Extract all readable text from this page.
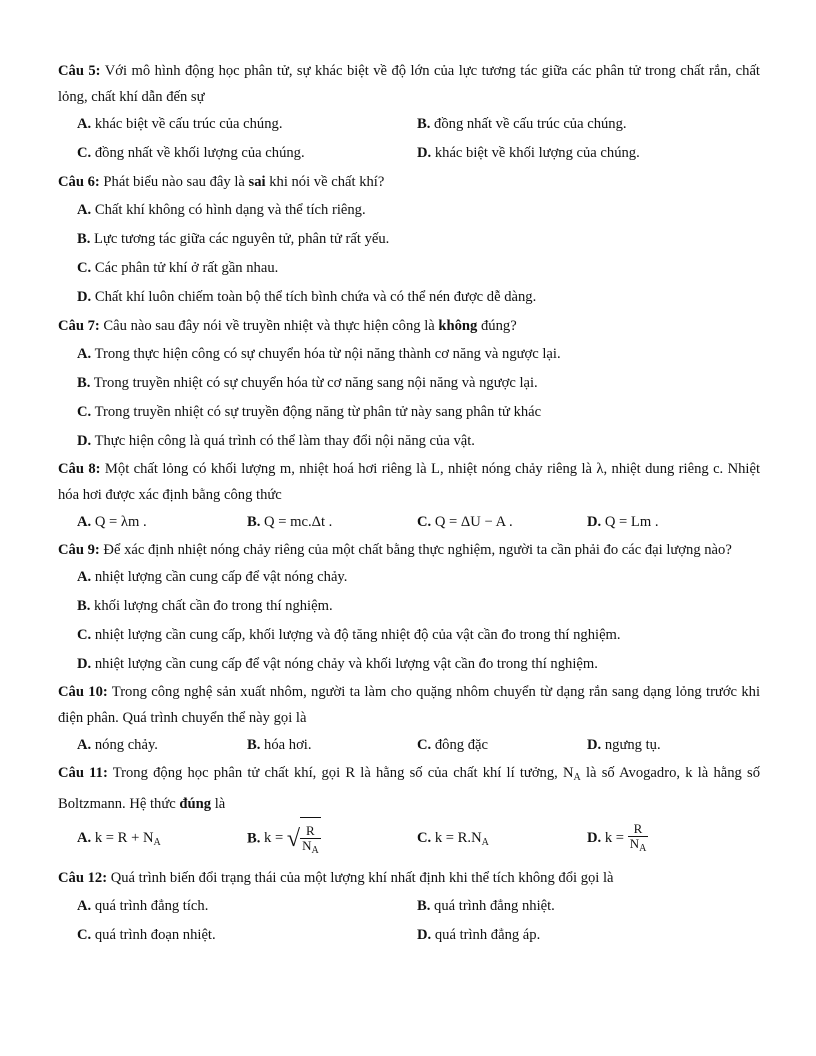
Câu 5: Với mô hình động học phân tử, sự khác biệt về độ lớn của lực tương tác giữa các phân tử trong chất rắn, chất lỏng, chất khí dẫn đến sự

A. khác biệt về cấu trúc của chúng.	B. đồng nhất về cấu trúc của chúng.
C. đồng nhất về khối lượng của chúng.	D. khác biệt về khối lượng của chúng.

Câu 6: Phát biểu nào sau đây là sai khi nói về chất khí?

A. Chất khí không có hình dạng và thể tích riêng.
B. Lực tương tác giữa các nguyên tử, phân tử rất yếu.
C. Các phân tử khí ở rất gần nhau.
D. Chất khí luôn chiếm toàn bộ thể tích bình chứa và có thể nén được dễ dàng.

Câu 7: Câu nào sau đây nói về truyền nhiệt và thực hiện công là không đúng?

A. Trong thực hiện công có sự chuyển hóa từ nội năng thành cơ năng và ngược lại.
B. Trong truyền nhiệt có sự chuyển hóa từ cơ năng sang nội năng và ngược lại.
C. Trong truyền nhiệt có sự truyền động năng từ phân tử này sang phân tử khác
D. Thực hiện công là quá trình có thể làm thay đổi nội năng của vật.

Câu 8: Một chất lỏng có khối lượng m, nhiệt hoá hơi riêng là L, nhiệt nóng chảy riêng là λ, nhiệt dung riêng c. Nhiệt hóa hơi được xác định bằng công thức

A. Q = λm .	B. Q = mc.Δt .	C. Q = ΔU − A .	D. Q = Lm .

Câu 9: Để xác định nhiệt nóng chảy riêng của một chất bằng thực nghiệm, người ta cần phải đo các đại lượng nào?

A. nhiệt lượng cần cung cấp để vật nóng chảy.
B. khối lượng chất cần đo trong thí nghiệm.
C. nhiệt lượng cần cung cấp, khối lượng và độ tăng nhiệt độ của vật cần đo trong thí nghiệm.
D. nhiệt lượng cần cung cấp để vật nóng chảy và khối lượng vật cần đo trong thí nghiệm.

Câu 10: Trong công nghệ sản xuất nhôm, người ta làm cho quặng nhôm chuyển từ dạng rắn sang dạng lỏng trước khi điện phân. Quá trình chuyển thể này gọi là

A. nóng chảy.	B. hóa hơi.	C. đông đặc	D. ngưng tụ.

Câu 11: Trong động học phân tử chất khí, gọi R là hằng số của chất khí lí tưởng, $N_A$ là số Avogadro, k là hằng số Boltzmann. Hệ thức đúng là

A. $k = R + N_A$	B. k = √ $\frac{R}{N_A}$	C. $k = R.N_A$	D. $k = \frac{R}{N_A}$

Câu 12: Quá trình biến đổi trạng thái của một lượng khí nhất định khi thể tích không đổi gọi là

A. quá trình đẳng tích.	B. quá trình đẳng nhiệt.
C. quá trình đoạn nhiệt.	D. quá trình đẳng áp.
